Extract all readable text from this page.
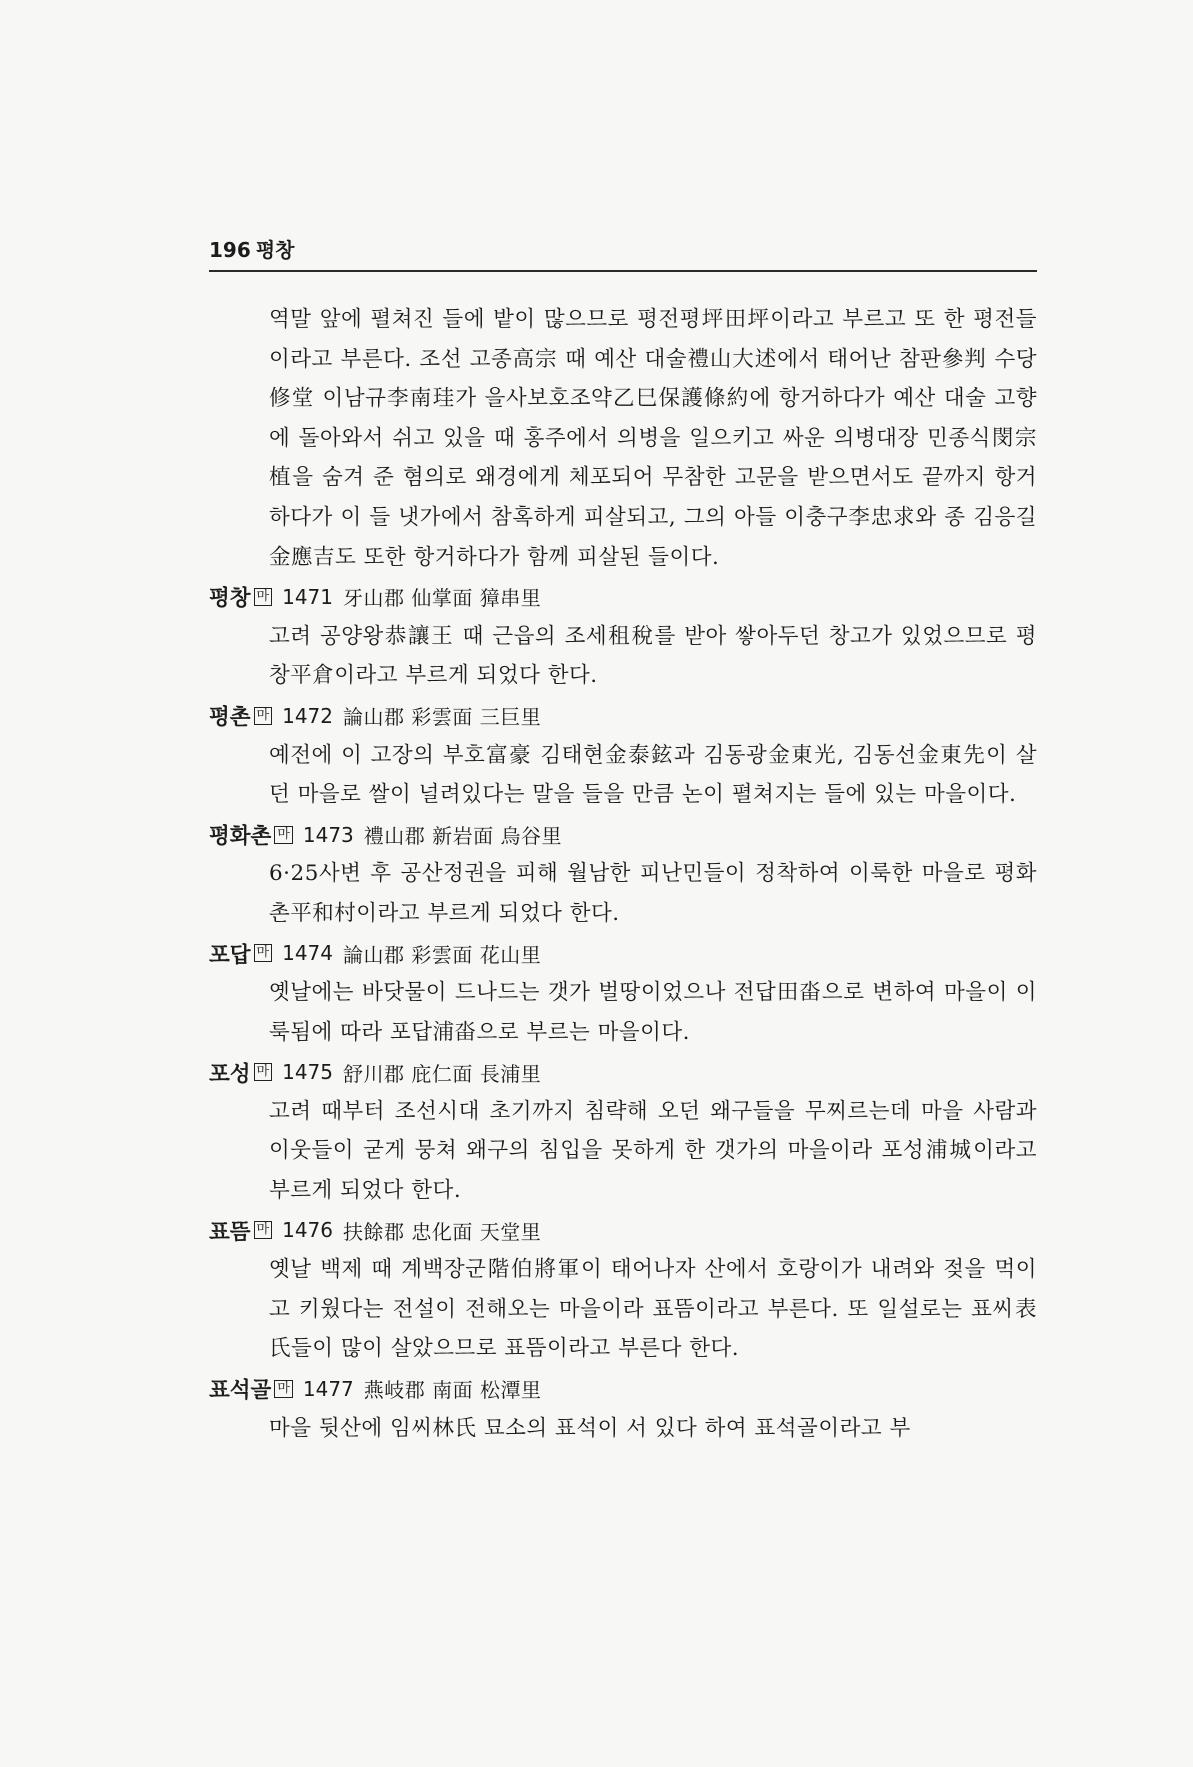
196 평창

역말 앞에 펼쳐진 들에 밭이 많으므로 평전평坪田坪이라고 부르고 또 한 평전들이라고 부른다. 조선 고종高宗 때 예산 대술禮山大述에서 태어난 참판參判 수당修堂 이남규李南珪가 을사보호조약乙巳保護條約에 항거하다가 예산 대술 고향에 돌아와서 쉬고 있을 때 홍주에서 의병을 일으키고 싸운 의병대장 민종식閔宗植을 숨겨 준 혐의로 왜경에게 체포되어 무참한 고문을 받으면서도 끝까지 항거하다가 이 들 냇가에서 참혹하게 피살되고, 그의 아들 이충구李忠求와 종 김응길金應吉도 또한 항거하다가 함께 피살된 들이다.

평창 마 1471 牙山郡 仙掌面 獐串里

고려 공양왕恭讓王 때 근읍의 조세租稅를 받아 쌓아두던 창고가 있었으므로 평창平倉이라고 부르게 되었다 한다.

평촌 마 1472 論山郡 彩雲面 三巨里

예전에 이 고장의 부호富豪 김태현金泰鉉과 김동광金東光, 김동선金東先이 살던 마을로 쌀이 널려있다는 말을 들을 만큼 논이 펼쳐지는 들에 있는 마을이다.

평화촌 마 1473 禮山郡 新岩面 烏谷里

6·25사변 후 공산정권을 피해 월남한 피난민들이 정착하여 이룩한 마을로 평화촌平和村이라고 부르게 되었다 한다.

포답 마 1474 論山郡 彩雲面 花山里

옛날에는 바닷물이 드나드는 갯가 벌땅이었으나 전답田畓으로 변하여 마을이 이룩됨에 따라 포답浦畓으로 부르는 마을이다.

포성 마 1475 舒川郡 庇仁面 長浦里

고려 때부터 조선시대 초기까지 침략해 오던 왜구들을 무찌르는데 마을 사람과 이웃들이 굳게 뭉쳐 왜구의 침입을 못하게 한 갯가의 마을이라 포성浦城이라고 부르게 되었다 한다.

표뜸 마 1476 扶餘郡 忠化面 天堂里

옛날 백제 때 계백장군階伯將軍이 태어나자 산에서 호랑이가 내려와 젖을 먹이고 키웠다는 전설이 전해오는 마을이라 표뜸이라고 부른다. 또 일설로는 표씨表氏들이 많이 살았으므로 표뜸이라고 부른다 한다.

표석골 마 1477 燕岐郡 南面 松潭里

마을 뒷산에 임씨林氏 묘소의 표석이 서 있다 하여 표석골이라고 부
